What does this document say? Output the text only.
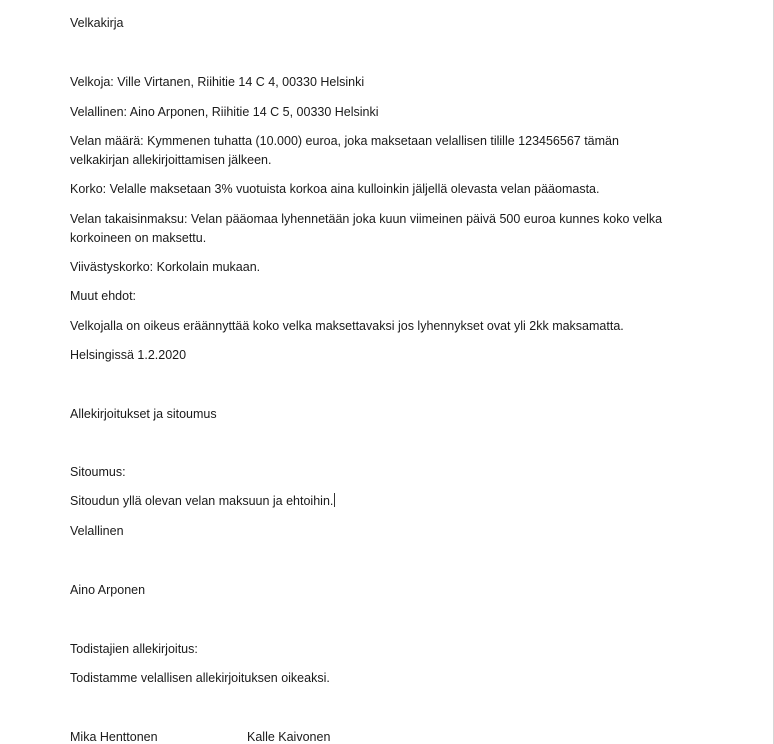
Velkakirja

Velkoja: Ville Virtanen, Riihitie 14 C 4, 00330 Helsinki

Velallinen: Aino Arponen, Riihitie 14 C 5, 00330 Helsinki

Velan määrä: Kymmenen tuhatta (10.000) euroa, joka maksetaan velallisen tilille 123456567 tämän

velkakirjan allekirjoittamisen jälkeen.

Korko: Velalle maksetaan 3% vuotuista korkoa aina kulloinkin jäljellä olevasta velan pääomasta.

Velan takaisinmaksu: Velan pääomaa lyhennetään joka kuun viimeinen päivä 500 euroa kunnes koko velka

korkoineen on maksettu.

Viivästyskorko: Korkolain mukaan.

Muut ehdot:

Velkojalla on oikeus eräännyttää koko velka maksettavaksi jos lyhennykset ovat yli 2kk maksamatta.

Helsingissä 1.2.2020

Allekirjoitukset ja sitoumus

Sitoumus:

Sitoudun yllä olevan velan maksuun ja ehtoihin.

Velallinen

Aino Arponen

Todistajien allekirjoitus:

Todistamme velallisen allekirjoituksen oikeaksi.

Mika Henttonen	Kalle Kaivonen
